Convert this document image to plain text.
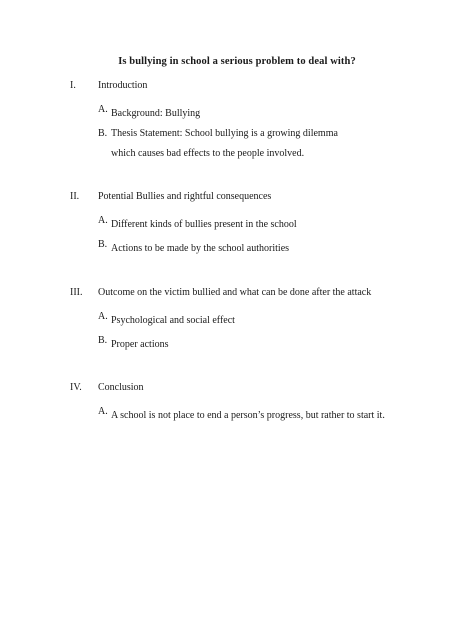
Is bullying in school a serious problem to deal with?
I. Introduction
A. Background: Bullying
B. Thesis Statement: School bullying is a growing dilemma which causes bad effects to the people involved.
II. Potential Bullies and rightful consequences
A. Different kinds of bullies present in the school
B. Actions to be made by the school authorities
III. Outcome on the victim bullied and what can be done after the attack
A. Psychological and social effect
B. Proper actions
IV. Conclusion
A. A school is not place to end a person’s progress, but rather to start it.
